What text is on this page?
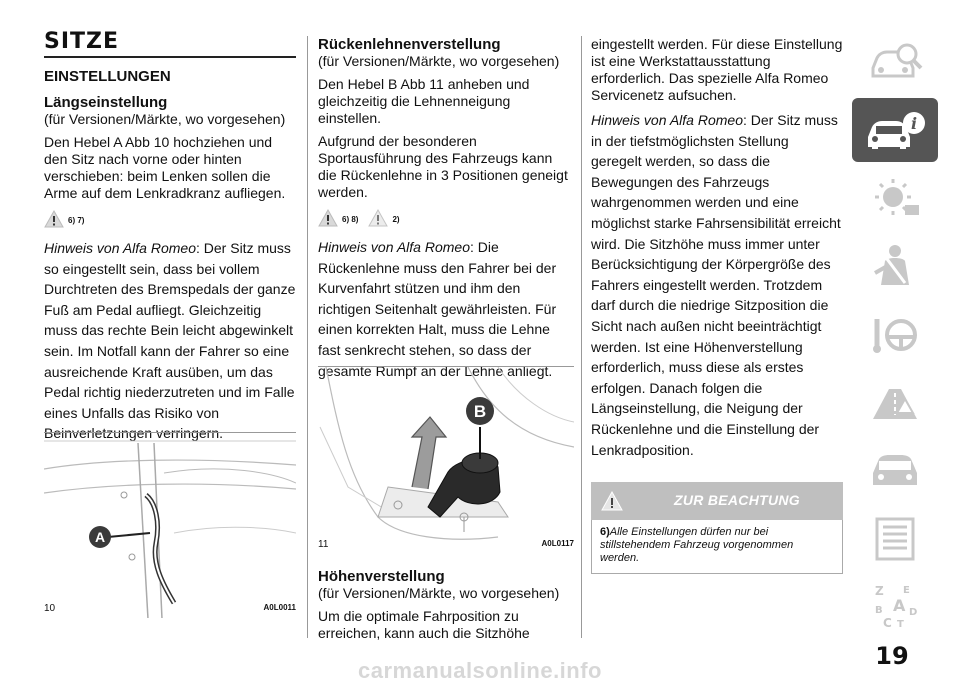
SITZE
EINSTELLUNGEN
Längseinstellung
(für Versionen/Märkte, wo vorgesehen)
Den Hebel A Abb 10 hochziehen und den Sitz nach vorne oder hinten verschieben: beim Lenken sollen die Arme auf dem Lenkradkranz aufliegen.
6) 7)
Hinweis von Alfa Romeo: Der Sitz muss so eingestellt sein, dass bei vollem Durchtreten des Bremspedals der ganze Fuß am Pedal aufliegt. Gleichzeitig muss das rechte Bein leicht abgewinkelt sein. Im Notfall kann der Fahrer so eine ausreichende Kraft ausüben, um das Pedal richtig niederzutreten und im Falle eines Unfalls das Risiko von Beinverletzungen verringern.
A
10	A0L0011
Rückenlehnenverstellung
(für Versionen/Märkte, wo vorgesehen)
Den Hebel B Abb 11 anheben und gleichzeitig die Lehnenneigung einstellen.
Aufgrund der besonderen Sportausführung des Fahrzeugs kann die Rückenlehne in 3 Positionen geneigt werden.
6) 8)	2)
Hinweis von Alfa Romeo: Die Rückenlehne muss den Fahrer bei der Kurvenfahrt stützen und ihm den richtigen Seitenhalt gewährleisten. Für einen korrekten Halt, muss die Lehne fast senkrecht stehen, so dass der gesamte Rumpf an der Lehne anliegt.
B
11	A0L0117
Höhenverstellung
(für Versionen/Märkte, wo vorgesehen)
Um die optimale Fahrposition zu erreichen, kann auch die Sitzhöhe
eingestellt werden. Für diese Einstellung ist eine Werkstattausstattung erforderlich. Das spezielle Alfa Romeo Servicenetz aufsuchen.
Hinweis von Alfa Romeo: Der Sitz muss in der tiefstmöglichsten Stellung geregelt werden, so dass die Bewegungen des Fahrzeugs wahrgenommen werden und eine möglichst starke Fahrsensibilität erreicht wird. Die Sitzhöhe muss immer unter Berücksichtigung der Körpergröße des Fahrers eingestellt werden. Trotzdem darf durch die niedrige Sitzposition die Sicht nach außen nicht beeinträchtigt werden. Ist eine Höhenverstellung erforderlich, muss diese als erstes erfolgen. Danach folgen die Längseinstellung, die Neigung der Rückenlehne und die Einstellung der Lenkradposition.
ZUR BEACHTUNG
6)Alle Einstellungen dürfen nur bei stillstehendem Fahrzeug vorgenommen werden.
i
Z E
B A D
C T
19
carmanualsonline.info
